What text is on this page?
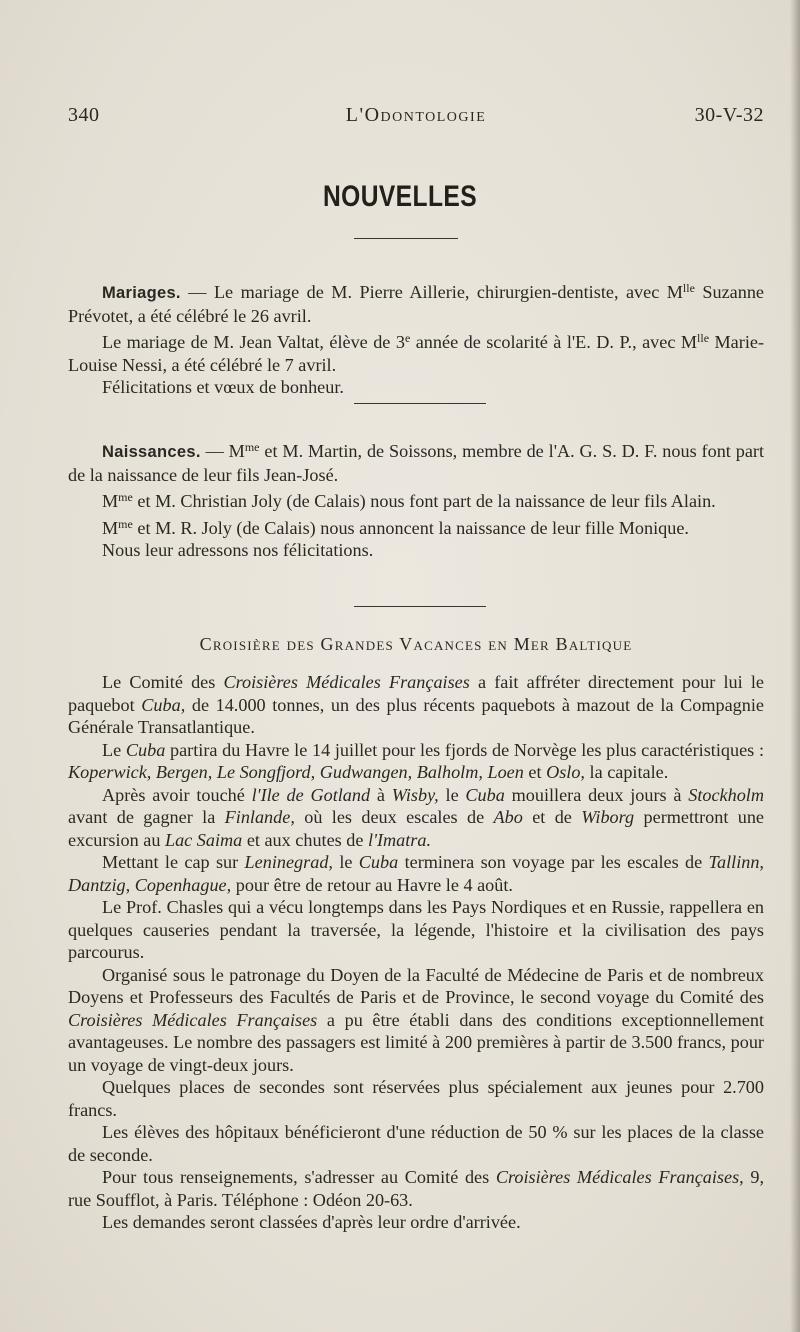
340	L'Odontologie	30-V-32
NOUVELLES

Mariages. — Le mariage de M. Pierre Aillerie, chirurgien-dentiste, avec $M^{lle}$ Suzanne Prévotet, a été célébré le 26 avril.

Le mariage de M. Jean Valtat, élève de 3e année de scolarité à l'E. D. P., avec $M^{lle}$ Marie-Louise Nessi, a été célébré le 7 avril.

Félicitations et vœux de bonheur.

Naissances. — $M^{me}$ et M. Martin, de Soissons, membre de l'A. G. S. D. F. nous font part de la naissance de leur fils Jean-José.

$M^{me}$ et M. Christian Joly (de Calais) nous font part de la naissance de leur fils Alain.

$M^{me}$ et M. R. Joly (de Calais) nous annoncent la naissance de leur fille Monique.

Nous leur adressons nos félicitations.

Croisière des Grandes Vacances en Mer Baltique

Le Comité des Croisières Médicales Françaises a fait affréter directement pour lui le paquebot Cuba, de 14.000 tonnes, un des plus récents paquebots à mazout de la Compagnie Générale Transatlantique.

Le Cuba partira du Havre le 14 juillet pour les fjords de Norvège les plus caractéristiques : Koperwick, Bergen, Le Songfjord, Gudwangen, Balholm, Loen et Oslo, la capitale.

Après avoir touché l'Ile de Gotland à Wisby, le Cuba mouillera deux jours à Stockholm avant de gagner la Finlande, où les deux escales de Abo et de Wiborg permettront une excursion au Lac Saima et aux chutes de l'Imatra.

Mettant le cap sur Leninegrad, le Cuba terminera son voyage par les escales de Tallinn, Dantzig, Copenhague, pour être de retour au Havre le 4 août.

Le Prof. Chasles qui a vécu longtemps dans les Pays Nordiques et en Russie, rappellera en quelques causeries pendant la traversée, la légende, l'histoire et la civilisation des pays parcourus.

Organisé sous le patronage du Doyen de la Faculté de Médecine de Paris et de nombreux Doyens et Professeurs des Facultés de Paris et de Province, le second voyage du Comité des Croisières Médicales Françaises a pu être établi dans des conditions exceptionnellement avantageuses. Le nombre des passagers est limité à 200 premières à partir de 3.500 francs, pour un voyage de vingt-deux jours.

Quelques places de secondes sont réservées plus spécialement aux jeunes pour 2.700 francs.

Les élèves des hôpitaux bénéficieront d'une réduction de 50 % sur les places de la classe de seconde.

Pour tous renseignements, s'adresser au Comité des Croisières Médicales Françaises, 9, rue Soufflot, à Paris. Téléphone : Odéon 20-63.

Les demandes seront classées d'après leur ordre d'arrivée.
